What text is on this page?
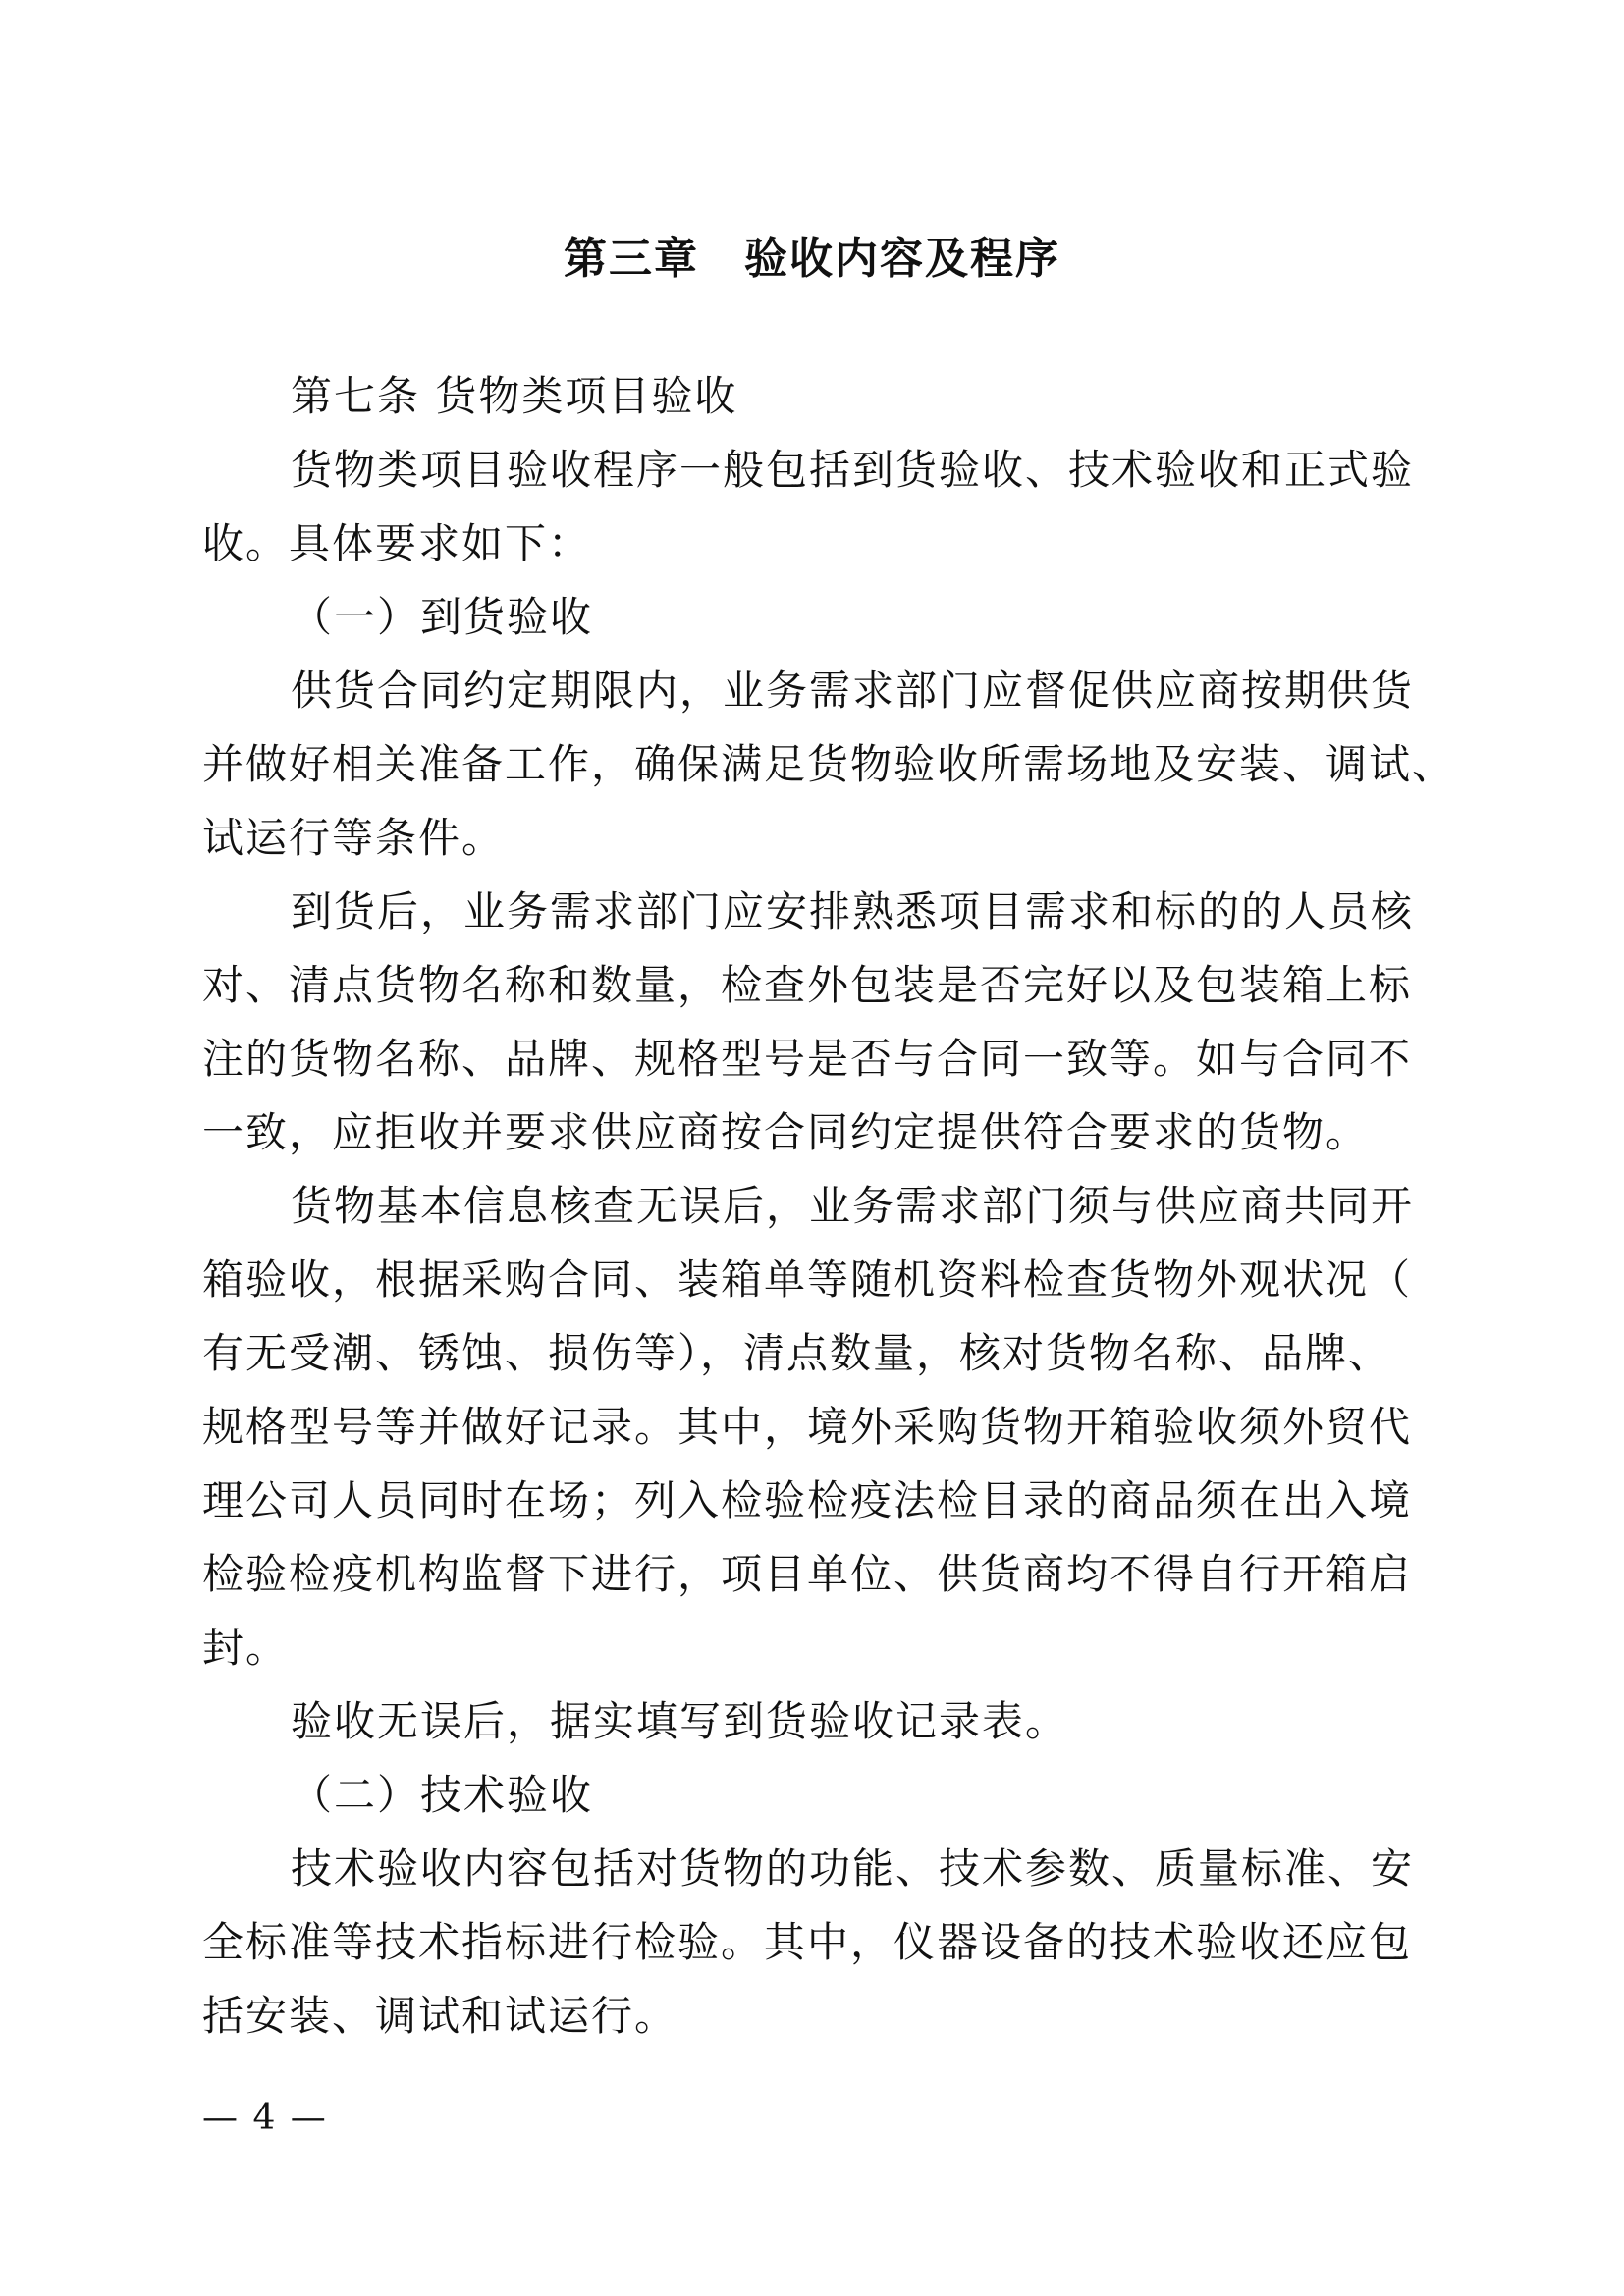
第三章　验收内容及程序
第七条 货物类项目验收
货物类项目验收程序一般包括到货验收、技术验收和正式验
收。具体要求如下：
（一）到货验收
供货合同约定期限内，业务需求部门应督促供应商按期供货
并做好相关准备工作，确保满足货物验收所需场地及安装、调试、
试运行等条件。
到货后，业务需求部门应安排熟悉项目需求和标的的人员核
对、清点货物名称和数量，检查外包装是否完好以及包装箱上标
注的货物名称、品牌、规格型号是否与合同一致等。如与合同不
一致，应拒收并要求供应商按合同约定提供符合要求的货物。
货物基本信息核查无误后，业务需求部门须与供应商共同开
箱验收，根据采购合同、装箱单等随机资料检查货物外观状况（
有无受潮、锈蚀、损伤等），清点数量，核对货物名称、品牌、
规格型号等并做好记录。其中，境外采购货物开箱验收须外贸代
理公司人员同时在场；列入检验检疫法检目录的商品须在出入境
检验检疫机构监督下进行，项目单位、供货商均不得自行开箱启
封。
验收无误后，据实填写到货验收记录表。
（二）技术验收
技术验收内容包括对货物的功能、技术参数、质量标准、安
全标准等技术指标进行检验。其中，仪器设备的技术验收还应包
括安装、调试和试运行。
— 4 —
